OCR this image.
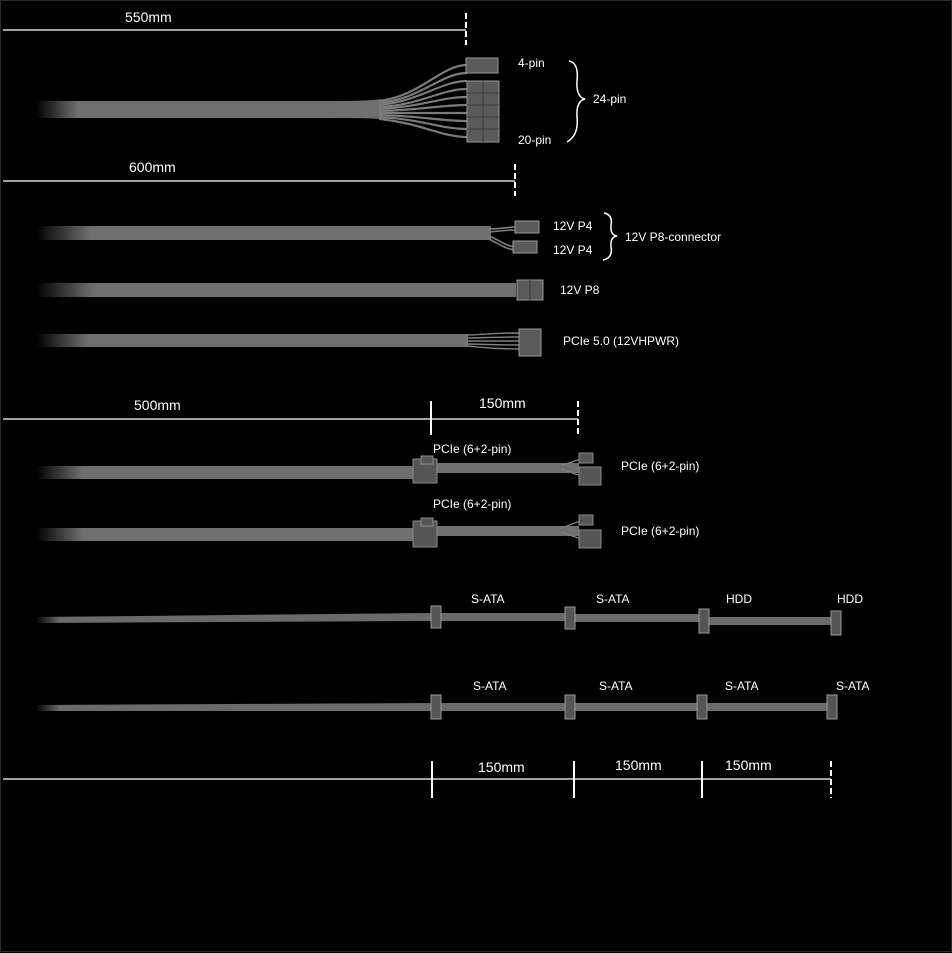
550mm
4-pin
24-pin
20-pin
600mm
12V P4
12V P4
12V P8-connector
12V P8
PCIe 5.0 (12VHPWR)
500mm	150mm
PCIe (6+2-pin)
PCIe (6+2-pin)
PCIe (6+2-pin)
PCIe (6+2-pin)
S-ATA	S-ATA	HDD	HDD
S-ATA	S-ATA	S-ATA	S-ATA
150mm	150mm	150mm
